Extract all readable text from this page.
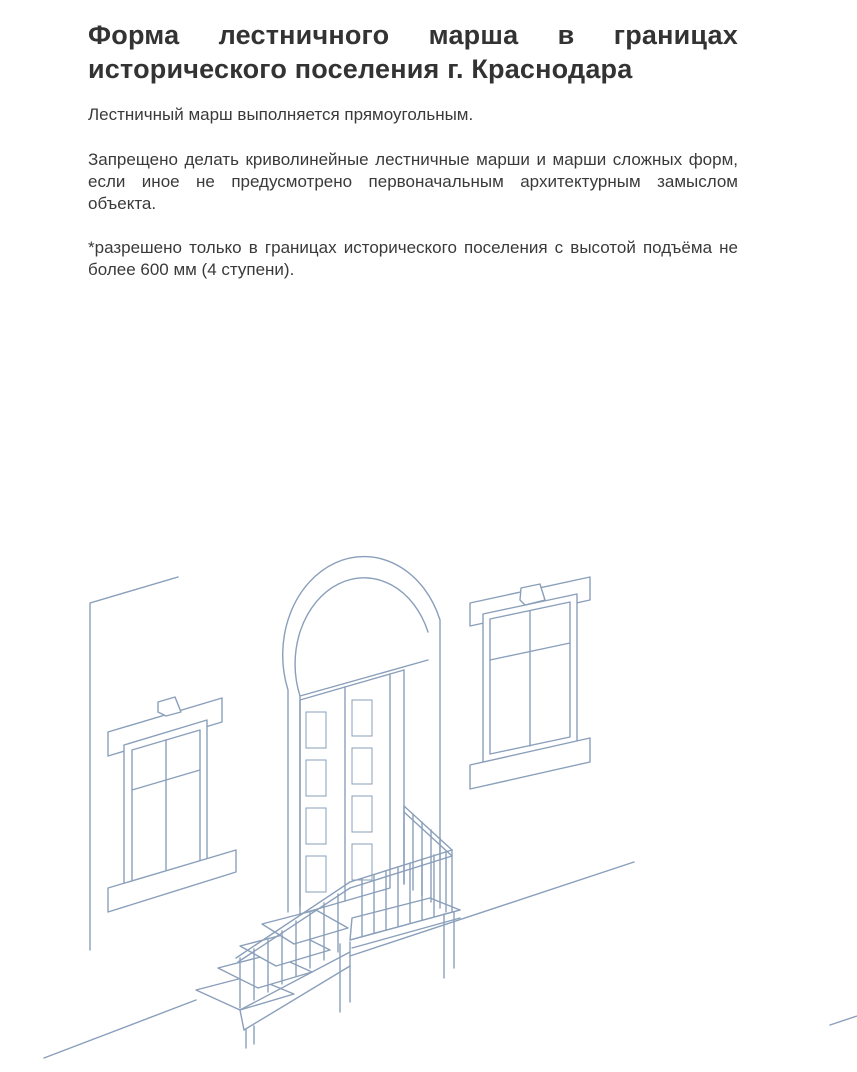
Форма лестничного марша в границах исторического поселения г. Краснодара

Лестничный марш выполняется прямоугольным.

Запрещено делать криволинейные лестничные марши и марши сложных форм, если иное не предусмотрено первоначальным архитектурным замыслом объекта.

*разрешено только в границах исторического поселения с высотой подъёма не более 600 мм (4 ступени).
